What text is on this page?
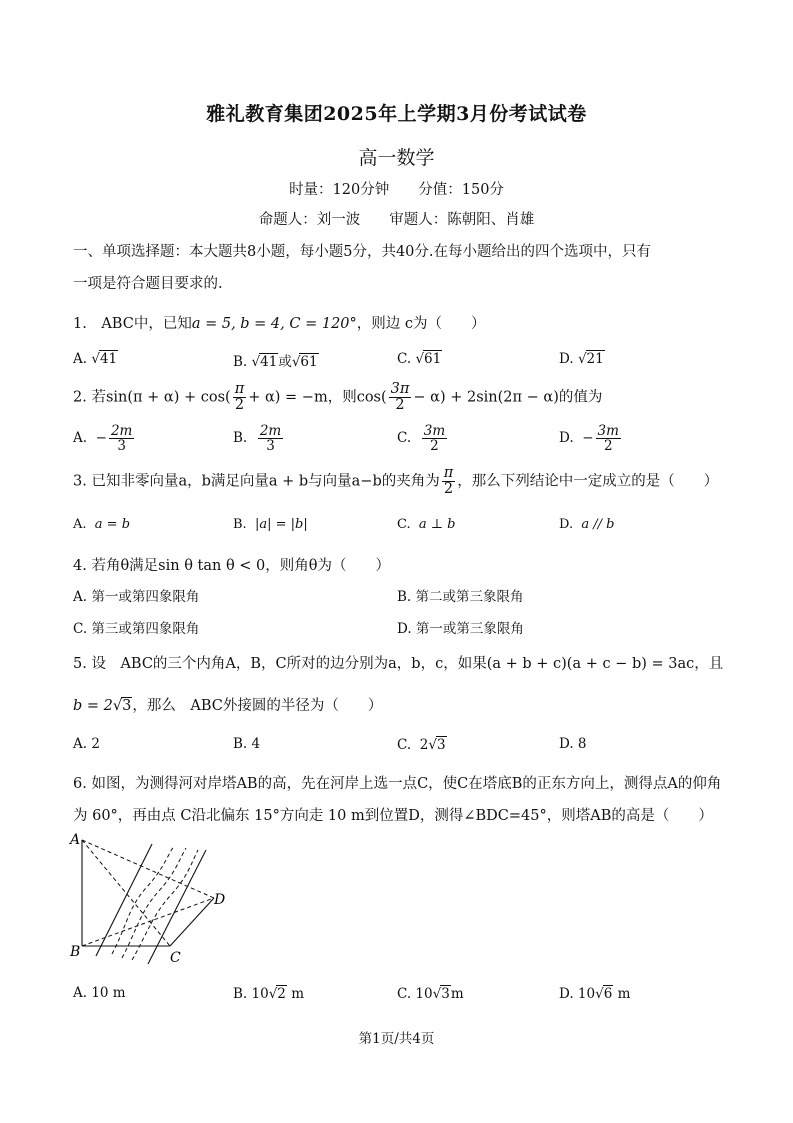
雅礼教育集团2025年上学期3月份考试试卷
高一数学
时量：120分钟　　分值：150分
命题人：刘一波　　审题人：陈朝阳、肖雄
一、单项选择题：本大题共8小题，每小题5分，共40分.在每小题给出的四个选项中，只有
一项是符合题目要求的.
1.　ABC中，已知a = 5, b = 4, C = 120°，则边 c为（　　）
A. √41	B. √41或√61	C. √61	D. √21
2. 若$\sin(\pi + \alpha) + \cos( \frac{\pi}{2} + \alpha) = -m$，则$\cos( \frac{3\pi}{2} - \alpha) + 2\sin(2\pi - \alpha)$的值为
A. − $\frac{2m}{3}$	B. $\frac{2m}{3}$	C. $\frac{3m}{2}$	D. − $\frac{3m}{2}$
3. 已知非零向量a，b满足向量a + b与向量a−b的夹角为 $\frac{\pi}{2}$ ，那么下列结论中一定成立的是（　　）
A. a = b	B. |a| = |b|	C. a ⊥ b	D. a // b
4. 若角θ满足sin θ tan θ < 0，则角θ为（　　）
A. 第一或第四象限角	B. 第二或第三象限角
C. 第三或第四象限角	D. 第一或第三象限角
5. 设　ABC的三个内角A，B，C所对的边分别为a，b，c，如果(a + b + c)(a + c − b) = 3ac，且
b = 2√3，那么　ABC外接圆的半径为（　　）
A. 2	B. 4	C. 2√3	D. 8
6. 如图，为测得河对岸塔AB的高，先在河岸上选一点C，使C在塔底B的正东方向上，测得点A的仰角
为 60°，再由点 C沿北偏东 15°方向走 10 m到位置D，测得∠BDC=45°，则塔AB的高是（　　）
A
B	C
D
A. 10 m	B. 10√2 m	C. 10√3m	D. 10√6 m
第1页/共4页
